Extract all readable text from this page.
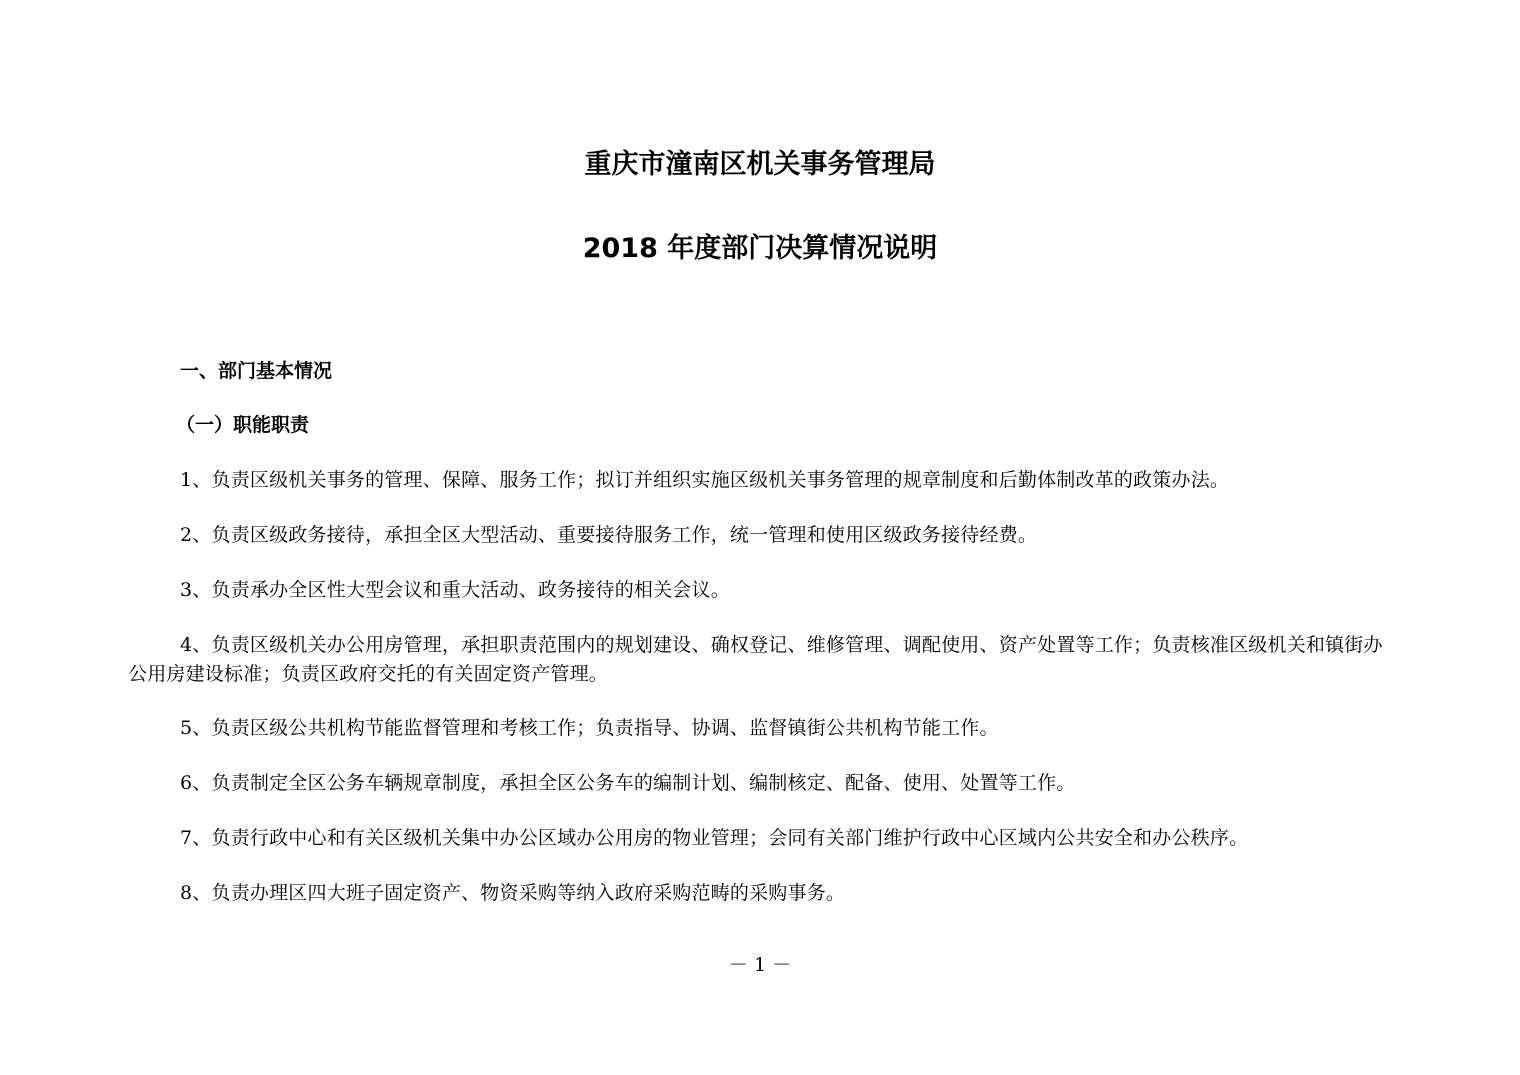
重庆市潼南区机关事务管理局
2018 年度部门决算情况说明
一、部门基本情况
（一）职能职责

1、负责区级机关事务的管理、保障、服务工作；拟订并组织实施区级机关事务管理的规章制度和后勤体制改革的政策办法。

2、负责区级政务接待，承担全区大型活动、重要接待服务工作，统一管理和使用区级政务接待经费。

3、负责承办全区性大型会议和重大活动、政务接待的相关会议。

4、负责区级机关办公用房管理，承担职责范围内的规划建设、确权登记、维修管理、调配使用、资产处置等工作；负责核准区级机关和镇街办公用房建设标准；负责区政府交托的有关固定资产管理。

5、负责区级公共机构节能监督管理和考核工作；负责指导、协调、监督镇街公共机构节能工作。

6、负责制定全区公务车辆规章制度，承担全区公务车的编制计划、编制核定、配备、使用、处置等工作。

7、负责行政中心和有关区级机关集中办公区域办公用房的物业管理；会同有关部门维护行政中心区域内公共安全和办公秩序。

8、负责办理区四大班子固定资产、物资采购等纳入政府采购范畴的采购事务。

－ 1 －
